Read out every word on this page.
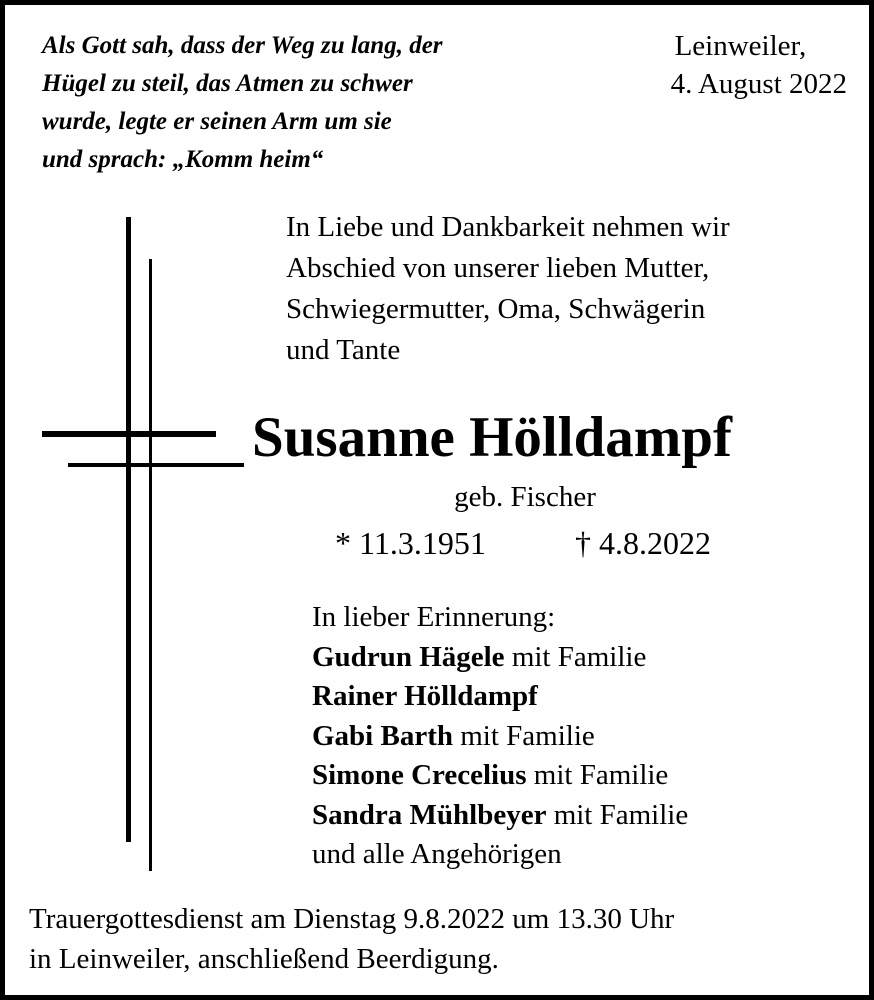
Als Gott sah, dass der Weg zu lang, der
Hügel zu steil, das Atmen zu schwer
wurde, legte er seinen Arm um sie
und sprach: „Komm heim“
Leinweiler,
4. August 2022
In Liebe und Dankbarkeit nehmen wir
Abschied von unserer lieben Mutter,
Schwiegermutter, Oma, Schwägerin
und Tante
Susanne Hölldampf
geb. Fischer
* 11.3.1951	† 4.8.2022
In lieber Erinnerung:
Gudrun Hägele mit Familie
Rainer Hölldampf
Gabi Barth mit Familie
Simone Crecelius mit Familie
Sandra Mühlbeyer mit Familie
und alle Angehörigen
Trauergottesdienst am Dienstag 9.8.2022 um 13.30 Uhr
in Leinweiler, anschließend Beerdigung.
